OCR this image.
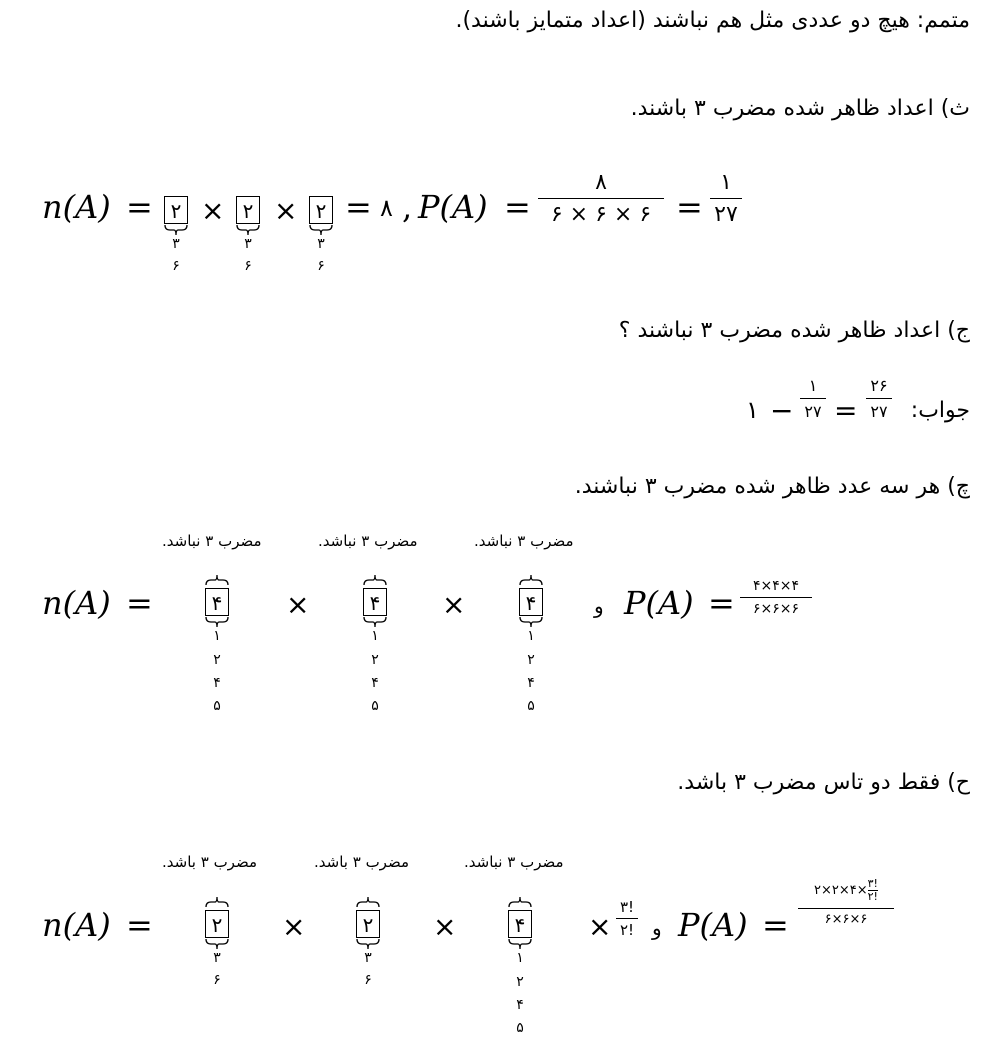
متمم: هیچ دو عددی مثل هم نباشند (اعداد متمایز باشند).
ث) اعداد ظاهر شده مضرب ۳ باشند.
ج) اعداد ظاهر شده مضرب ۳ نباشند ؟
چ) هر سه عدد ظاهر شده مضرب ۳ نباشند.
ح) فقط دو تاس مضرب ۳ باشد.
n(A) = ۲ × ۲ × ۲
۳
۶
۳
۶
۳
۶
= ۸ , P(A) =
۸
۶ × ۶ × ۶ =
۱
۲۷
جواب:
۱ −
۱
۲۷ =
۲۶
۲۷
مضرب ۳ نباشد.	مضرب ۳ نباشد.	مضرب ۳ نباشد.
n(A) =	۴
۱
۲
۴
۵
×	۴
۱
۲
۴
۵
×	۴
۱
۲
۴
۵
و P(A) =	۴×۴×۴
۶×۶×۶
مضرب ۳ باشد.	مضرب ۳ باشد.	مضرب ۳ نباشد.
n(A) =	۲
۳
۶
×	۲
۳
۶
×	۴
۱
۲
۴
۵
×
۳!
۲! و P(A) =
۲×۲×۴× ۳!
۲!
۶×۶×۶
